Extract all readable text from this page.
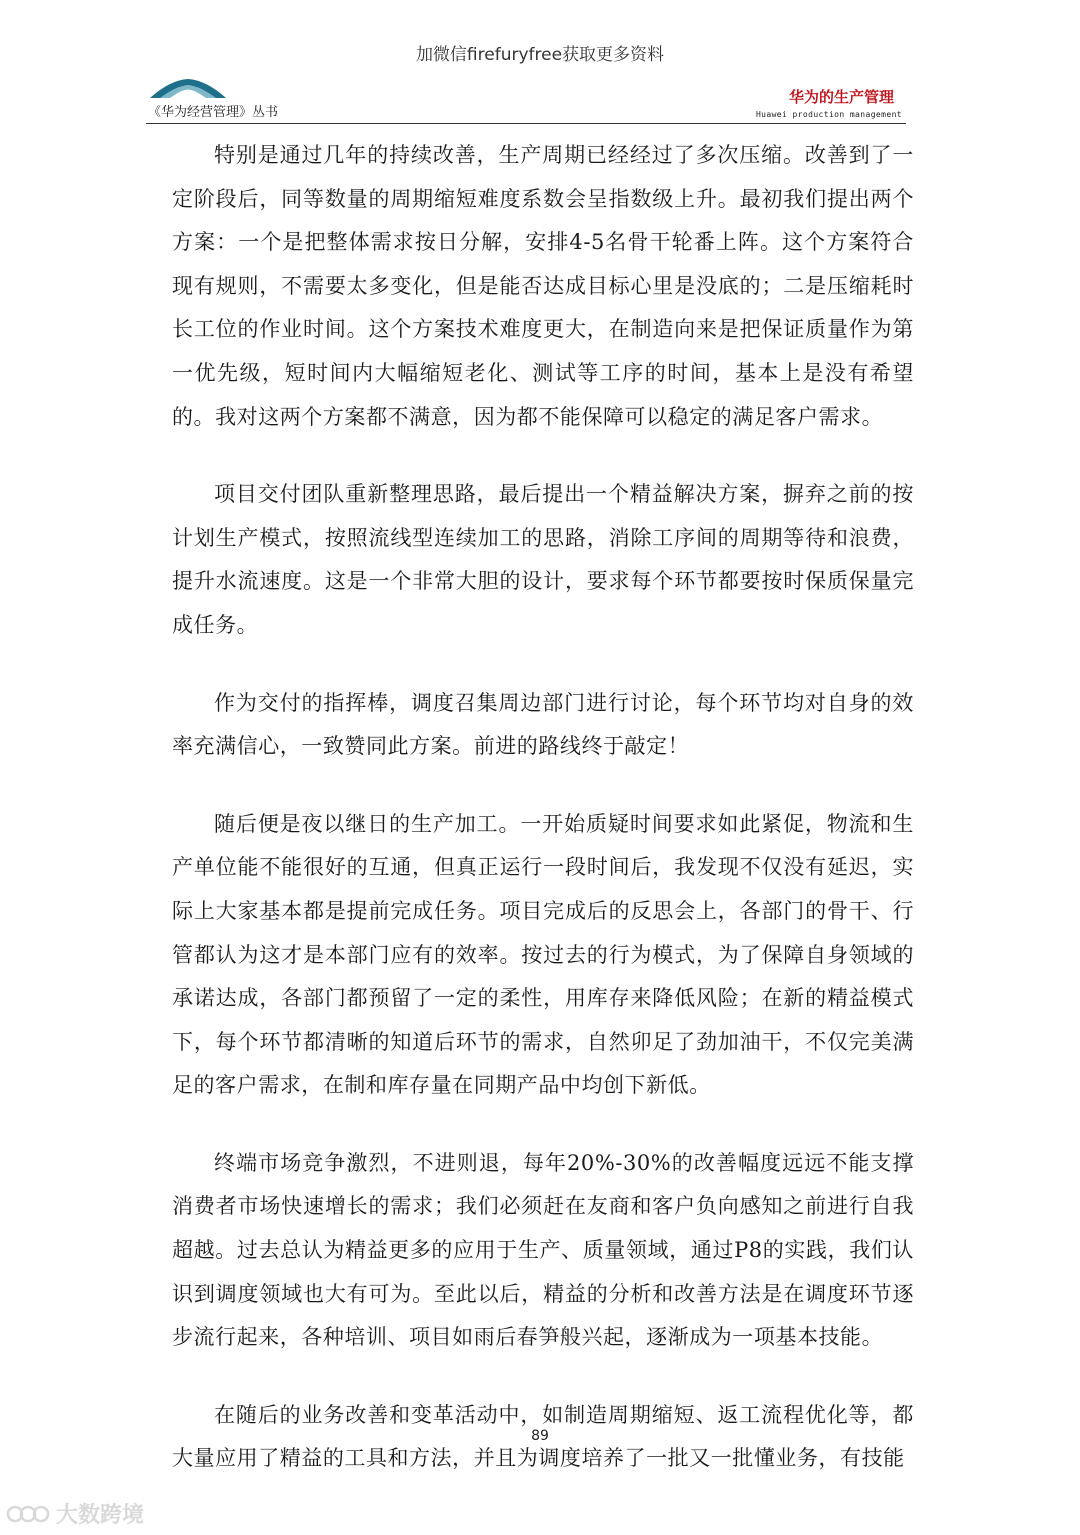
加微信firefuryfree获取更多资料
《华为经营管理》丛书
华为的生产管理
Huawei production management

特别是通过几年的持续改善，生产周期已经经过了多次压缩。改善到了一定阶段后，同等数量的周期缩短难度系数会呈指数级上升。最初我们提出两个方案：一个是把整体需求按日分解，安排4-5名骨干轮番上阵。这个方案符合现有规则，不需要太多变化，但是能否达成目标心里是没底的；二是压缩耗时长工位的作业时间。这个方案技术难度更大，在制造向来是把保证质量作为第一优先级，短时间内大幅缩短老化、测试等工序的时间，基本上是没有希望的。我对这两个方案都不满意，因为都不能保障可以稳定的满足客户需求。

项目交付团队重新整理思路，最后提出一个精益解决方案，摒弃之前的按计划生产模式，按照流线型连续加工的思路，消除工序间的周期等待和浪费，提升水流速度。这是一个非常大胆的设计，要求每个环节都要按时保质保量完成任务。

作为交付的指挥棒，调度召集周边部门进行讨论，每个环节均对自身的效率充满信心，一致赞同此方案。前进的路线终于敲定！

随后便是夜以继日的生产加工。一开始质疑时间要求如此紧促，物流和生产单位能不能很好的互通，但真正运行一段时间后，我发现不仅没有延迟，实际上大家基本都是提前完成任务。项目完成后的反思会上，各部门的骨干、行管都认为这才是本部门应有的效率。按过去的行为模式，为了保障自身领域的承诺达成，各部门都预留了一定的柔性，用库存来降低风险；在新的精益模式下，每个环节都清晰的知道后环节的需求，自然卯足了劲加油干，不仅完美满足的客户需求，在制和库存量在同期产品中均创下新低。

终端市场竞争激烈，不进则退，每年20%-30%的改善幅度远远不能支撑消费者市场快速增长的需求；我们必须赶在友商和客户负向感知之前进行自我超越。过去总认为精益更多的应用于生产、质量领域，通过P8的实践，我们认识到调度领域也大有可为。至此以后，精益的分析和改善方法是在调度环节逐步流行起来，各种培训、项目如雨后春笋般兴起，逐渐成为一项基本技能。

在随后的业务改善和变革活动中，如制造周期缩短、返工流程优化等，都大量应用了精益的工具和方法，并且为调度培养了一批又一批懂业务，有技能

89
大数跨境
